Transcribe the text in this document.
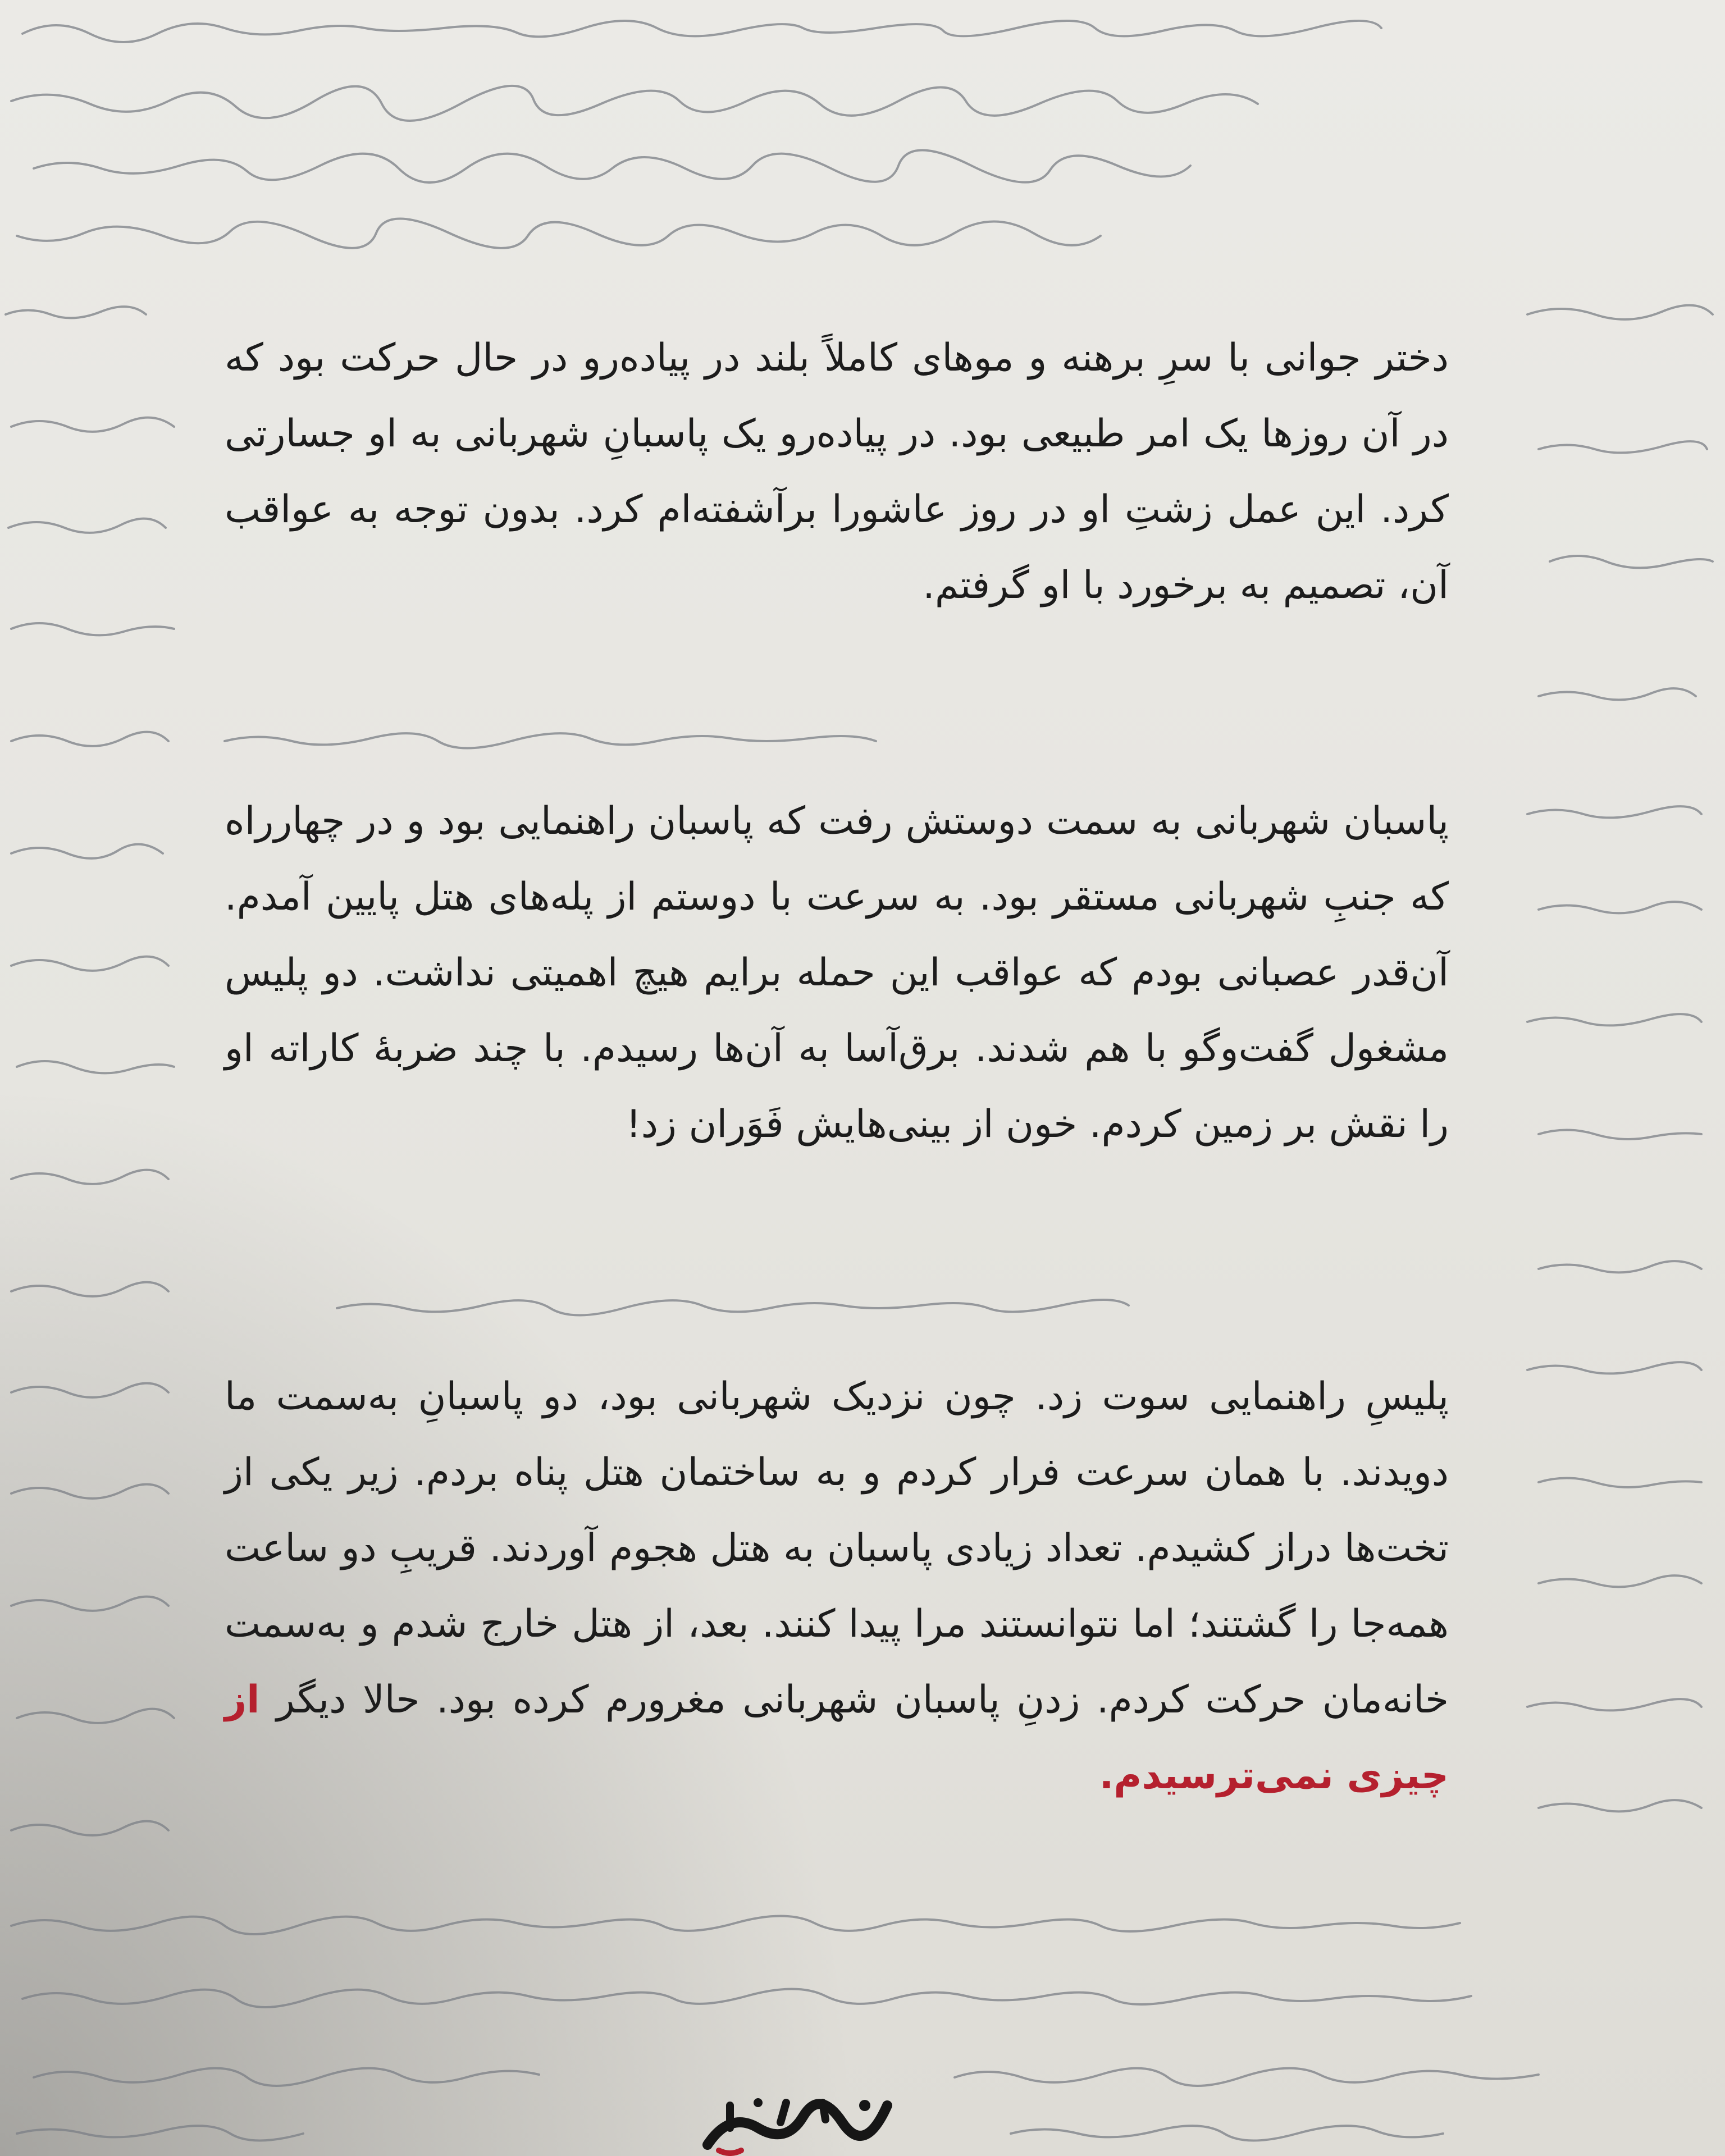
دختر جوانی با سرِ برهنه و موهای کاملاً بلند در پیاده‌رو در حال حرکت بود که در آن روزها یک امر طبیعی بود. در پیاده‌رو یک پاسبانِ شهربانی به او جسارتی کرد. این عمل زشتِ او در روز عاشورا برآشفته‌ام کرد. بدون توجه به عواقب آن، تصمیم به برخورد با او گرفتم.
پاسبان شهربانی به سمت دوستش رفت که پاسبان راهنمایی بود و در چهارراه که جنبِ شهربانی مستقر بود. به سرعت با دوستم از پله‌های هتل پایین آمدم. آن‌قدر عصبانی بودم که عواقب این حمله برایم هیچ اهمیتی نداشت. دو پلیس مشغول گفت‌وگو با هم شدند. برق‌آسا به آن‌ها رسیدم. با چند ضربهٔ کاراته او را نقش بر زمین کردم. خون از بینی‌هایش فَوَران زد!
پلیسِ راهنمایی سوت زد. چون نزدیک شهربانی بود، دو پاسبانِ به‌سمت ما دویدند. با همان سرعت فرار کردم و به ساختمان هتل پناه بردم. زیر یکی از تخت‌ها دراز کشیدم. تعداد زیادی پاسبان به هتل هجوم آوردند. قریبِ دو ساعت همه‌جا را گشتند؛ اما نتوانستند مرا پیدا کنند. بعد، از هتل خارج شدم و به‌سمت خانه‌مان حرکت کردم. زدنِ پاسبان شهربانی مغرورم کرده بود. حالا دیگر از چیزی نمی‌ترسیدم.
